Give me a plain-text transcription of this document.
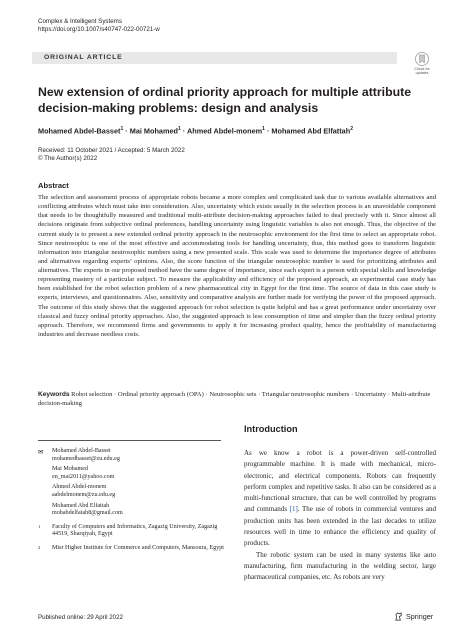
Complex & Intelligent Systems
https://doi.org/10.1007/s40747-022-00721-w
ORIGINAL ARTICLE
Check for
updates
New extension of ordinal priority approach for multiple attribute decision-making problems: design and analysis
Mohamed Abdel-Basset$^1$ · Mai Mohamed$^1$ · Ahmed Abdel-monem$^1$ · Mohamed Abd Elfattah$^2$
Received: 11 October 2021 / Accepted: 5 March 2022
© The Author(s) 2022
Abstract
The selection and assessment process of appropriate robots became a more complex and complicated task due to various available alternatives and conflicting attributes which must take into consideration. Also, uncertainty which exists usually in the selection process is an unavoidable component that needs to be thoughtfully measured and traditional multi-attribute decision-making approaches failed to deal precisely with it. Since almost all decisions originate from subjective ordinal preferences, handling uncertainty using linguistic variables is also not enough. Thus, the objective of the current study is to present a new extended ordinal priority approach in the neutrosophic environment for the first time to select an appropriate robot. Since neutrosophic is one of the most effective and accommodating tools for handling uncertainty, thus, this method goes to transform linguistic information into triangular neutrosophic numbers using a new presented scale. This scale was used to determine the importance degree of attributes and alternatives regarding experts’ opinions. Also, the score function of the triangular neutrosophic number is used for prioritizing attributes and alternatives. The experts in our proposed method have the same degree of importance, since each expert is a person with special skills and knowledge representing mastery of a particular subject. To measure the applicability and efficiency of the proposed approach, an experimental case study has been established for the robot selection problem of a new pharmaceutical city in Egypt for the first time. The source of data in this case study is experts, interviews, and questionnaires. Also, sensitivity and comparative analysis are further made for verifying the power of the proposed approach. The outcome of this study shows that the suggested approach for robot selection is quite helpful and has a great performance under uncertainty over classical and fuzzy ordinal priority approaches. Also, the suggested approach is less consumption of time and simpler than the fuzzy ordinal priority approach. Therefore, we recommend firms and governments to apply it for increasing product quality, hence the profitability of manufacturing industries and decrease needless costs.
Keywords Robot selection · Ordinal priority approach (OPA) · Neutrosophic sets · Triangular neutrosophic numbers · Uncertainty · Multi-attribute decision-making
✉ Mohamed Abdel-Basset
mohamedbasset@zu.edu.eg
Mai Mohamed
en_mai2011@yahoo.com
Ahmed Abdel-monem
aabdelmonem@zu.edu.eg
Mohamed Abd Elfattah
mohabdelfatah8@gmail.com
1 Faculty of Computers and Informatics, Zagazig University, Zagazig 44519, Sharqiyah, Egypt
2 Misr Higher Institute for Commerce and Computers, Mansoura, Egypt
Introduction

As we know a robot is a power-driven self-controlled programmable machine. It is made with mechanical, micro-electronic, and electrical components. Robots can frequently perform complex and repetitive tasks. It also can be considered as a multi-functional structure, that can be well controlled by programs and commands [1]. The use of robots in commercial ventures and production units has been extended in the last decades to utilize resources well in time to enhance the efficiency and quality of products.

The robotic system can be used in many systems like auto manufacturing, firm manufacturing in the welding sector, large pharmaceutical companies, etc. As robots are very

Published online: 29 April 2022	Springer
